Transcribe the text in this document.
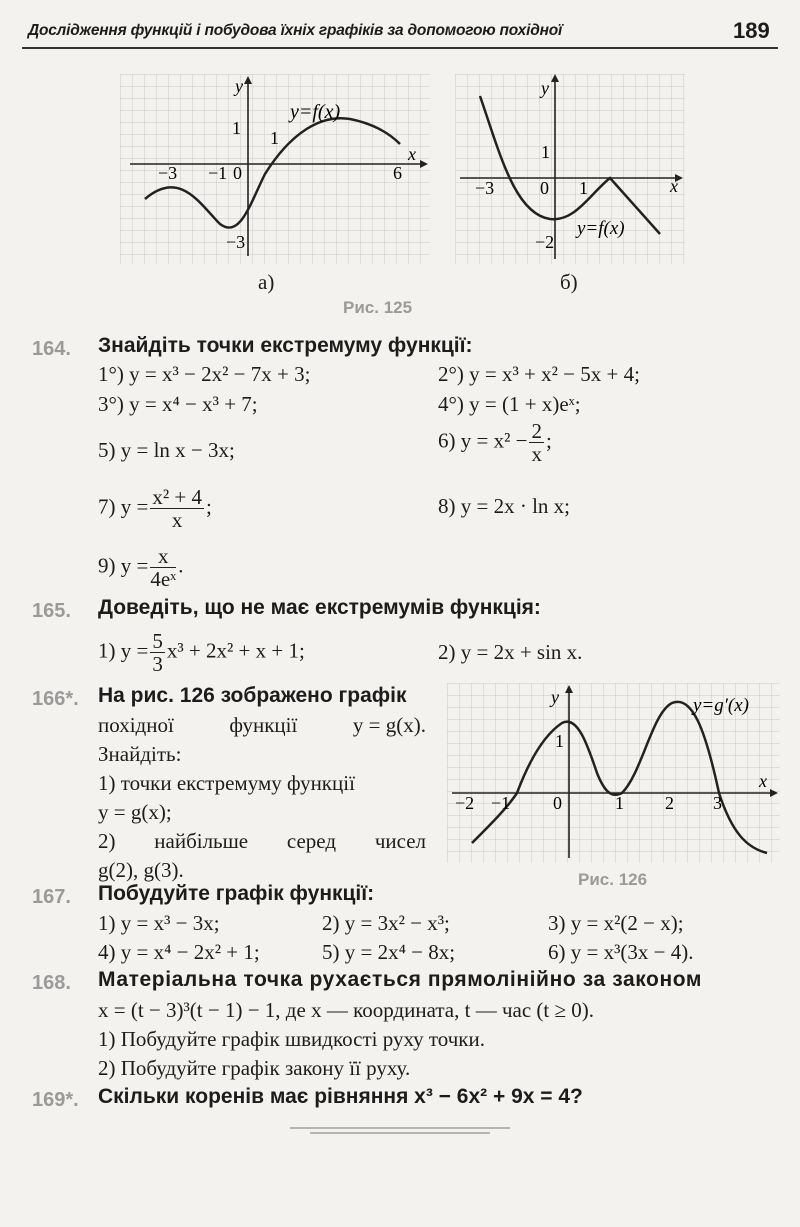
Дослідження функцій і побудова їхніх графіків за допомогою похідної	189
y
x
y=f(x)
−3 −1 0
1
6
1
−3
а)
y
x
y=f(x)
−3	0 1
1
−2
б)
Рис. 125
164. Знайдіть точки екстремуму функції:
1°) y = x³ − 2x² − 7x + 3;	2°) y = x³ + x² − 5x + 4;
3°) y = x⁴ − x³ + 7;	4°) y = (1 + x)eˣ;
5) y = ln x − 3x;	6) $y = x^2 - \frac{2}{x}$ ;
7) $y = \frac{\text{x² + 4}}{x}$ ;	8) y = 2x · ln x;
9) $y = \frac{x}{\text{4eˣ}}$ .
165. Доведіть, що не має екстремумів функція:
1) $y = \frac{5}{3} x^3 + 2x^2 + x + 1$;	2) y = 2x + sin x.
166*. На рис. 126 зображено графік
похідної	функції	y = g(x).
Знайдіть:
1) точки екстремуму функції
y = g(x);
2) найбільше серед чисел
g(2), g(3).
y
x
y=g′(x)
−2 −1 0	1 2 3
1
Рис. 126
167. Побудуйте графік функції:
1) y = x³ − 3x;	2) y = 3x² − x³;	3) y = x²(2 − x);
4) y = x⁴ − 2x² + 1;	5) y = 2x⁴ − 8x;	6) y = x³(3x − 4).
168. Матеріальна точка рухається прямолінійно за законом
x = (t − 3)³(t − 1) − 1, де x — координата, t — час (t ≥ 0).
1) Побудуйте графік швидкості руху точки.
2) Побудуйте графік закону її руху.
169*. Скільки коренів має рівняння x³ − 6x² + 9x = 4?
